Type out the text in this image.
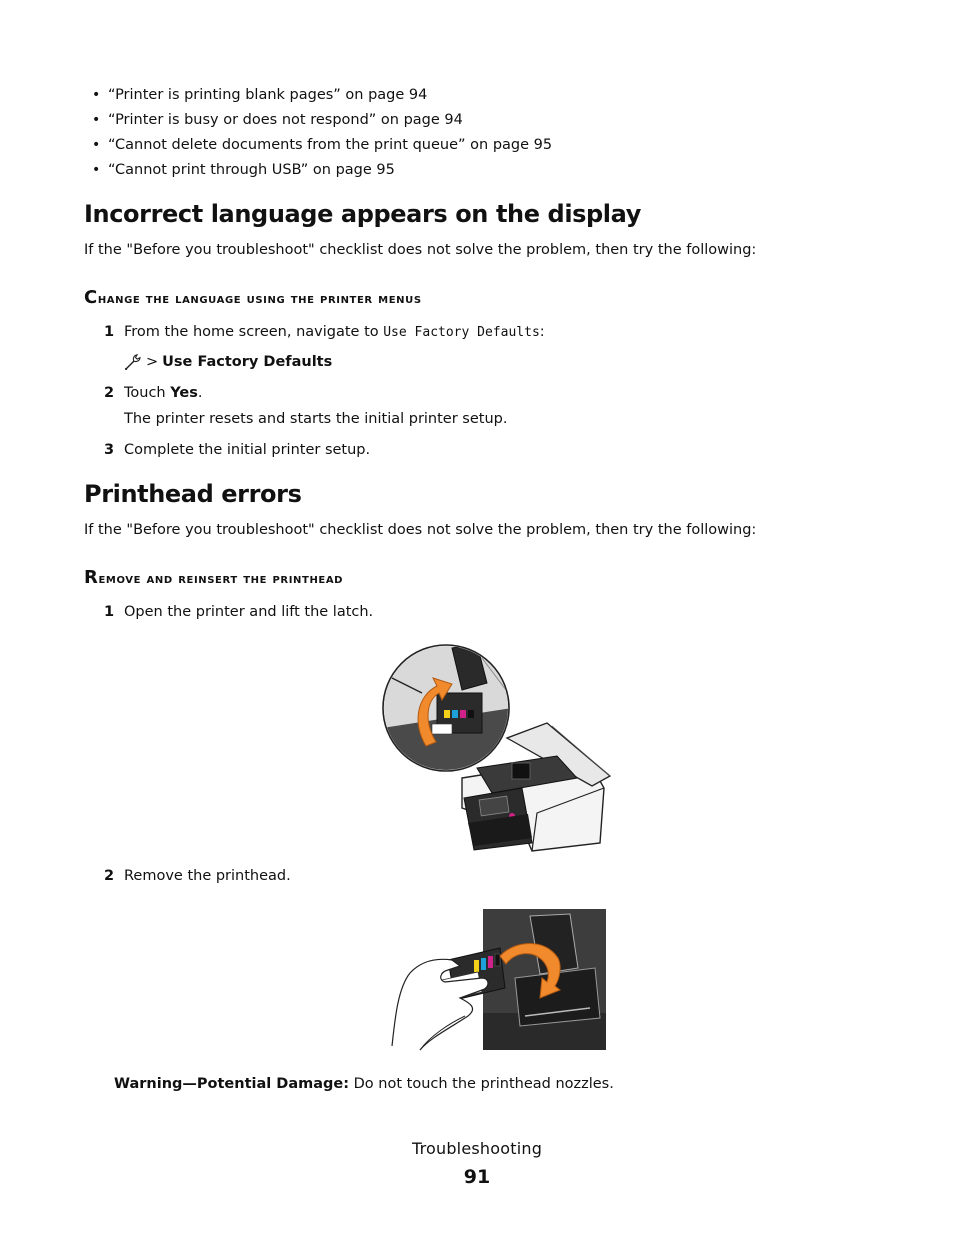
• “Printer is printing blank pages” on page 94
• “Printer is busy or does not respond” on page 94
• “Cannot delete documents from the print queue” on page 95
• “Cannot print through USB” on page 95
Incorrect language appears on the display

If the "Before you troubleshoot" checklist does not solve the problem, then try the following:

Change the language using the printer menus
1 From the home screen, navigate to Use Factory Defaults:
> Use Factory Defaults
2 Touch Yes.
The printer resets and starts the initial printer setup.
3 Complete the initial printer setup.
Printhead errors

If the "Before you troubleshoot" checklist does not solve the problem, then try the following:

Remove and reinsert the printhead
1 Open the printer and lift the latch.
2 Remove the printhead.
Warning—Potential Damage: Do not touch the printhead nozzles.
Troubleshooting
91
